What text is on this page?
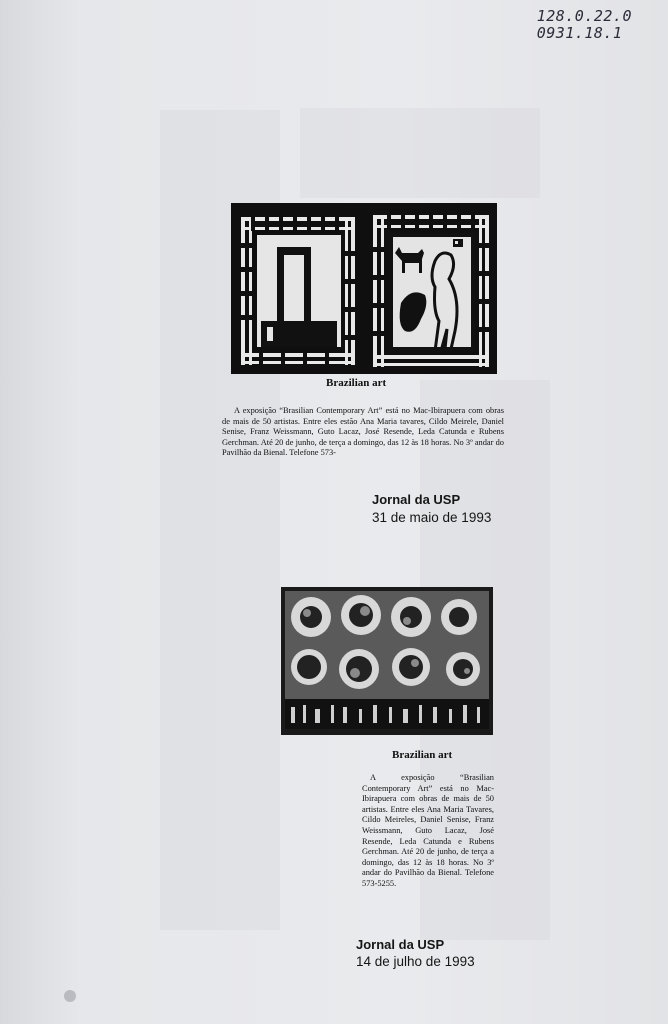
128.0.22.0
0931.18.1
Brazilian art
A exposição “Brasilian Contemporary Art” está no Mac-Ibirapuera com obras de mais de 50 artistas. Entre eles estão Ana Maria tavares, Cildo Meirele, Daniel Senise, Franz Weissmann, Guto Lacaz, José Resende, Leda Catunda e Rubens Gerchman. Até 20 de junho, de terça a domingo, das 12 às 18 horas. No 3º andar do Pavilhão da Bienal. Telefone 573-
Jornal da USP
31 de maio de 1993
Brazilian art
A exposição “Brasilian Contemporary Art” está no Mac-Ibirapuera com obras de mais de 50 artistas. Entre eles Ana Maria Tavares, Cildo Meireles, Daniel Senise, Franz Weissmann, Guto Lacaz, José Resende, Leda Catunda e Rubens Gerchman. Até 20 de junho, de terça a domingo, das 12 às 18 horas. No 3º andar do Pavilhão da Bienal. Telefone 573-5255.
Jornal da USP
14 de julho de 1993
